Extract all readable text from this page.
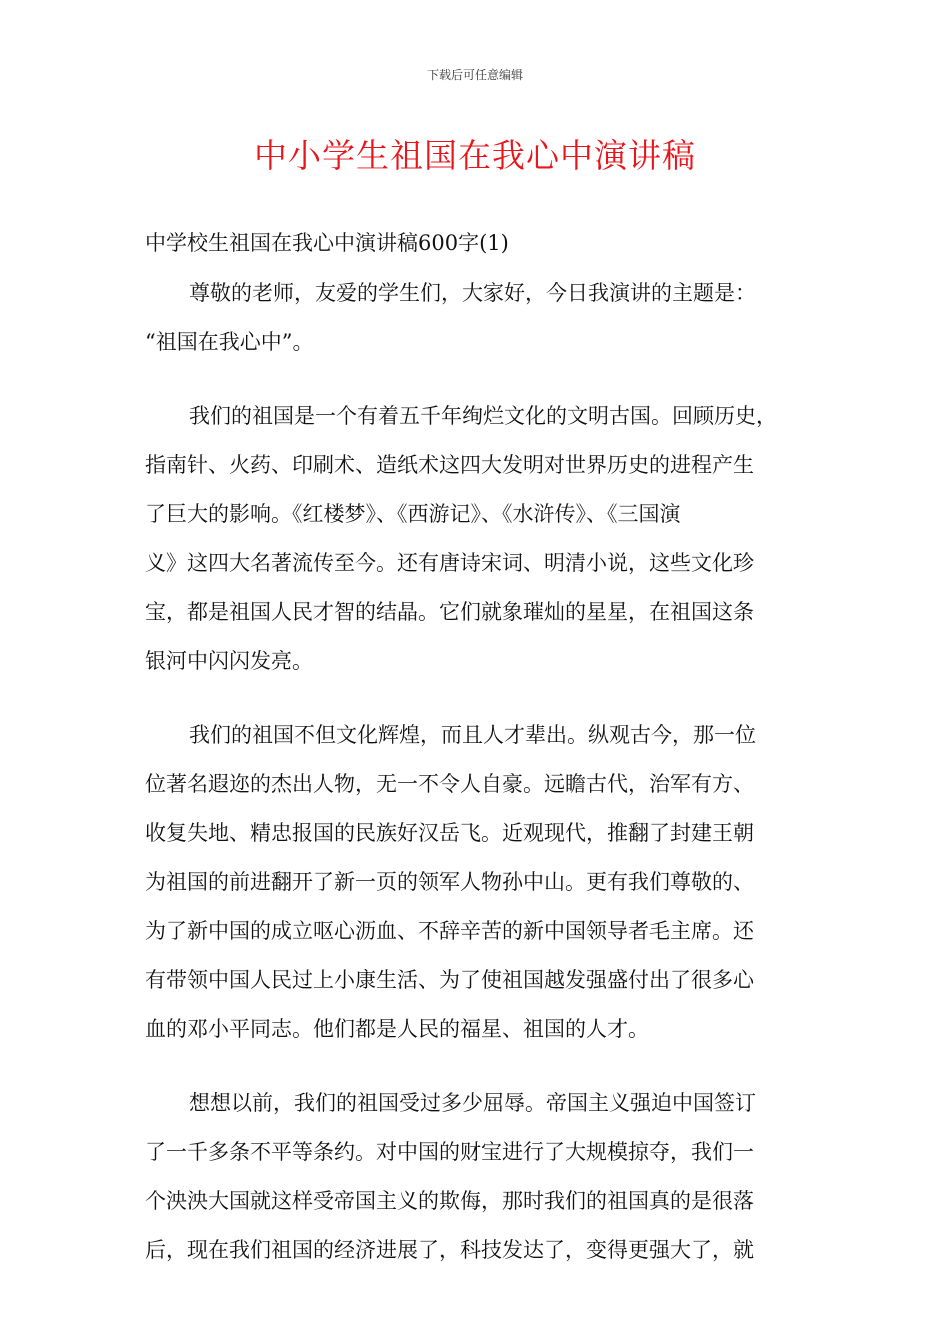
下载后可任意编辑
中小学生祖国在我心中演讲稿
中学校生祖国在我心中演讲稿600字(1)
尊敬的老师，友爱的学生们，大家好，今日我演讲的主题是：
“祖国在我心中”。
我们的祖国是一个有着五千年绚烂文化的文明古国。回顾历史，
指南针、火药、印刷术、造纸术这四大发明对世界历史的进程产生
了巨大的影响。《红楼梦》、《西游记》、《水浒传》、《三国演
义》这四大名著流传至今。还有唐诗宋词、明清小说，这些文化珍
宝，都是祖国人民才智的结晶。它们就象璀灿的星星，在祖国这条
银河中闪闪发亮。
我们的祖国不但文化辉煌，而且人才辈出。纵观古今，那一位
位著名遐迩的杰出人物，无一不令人自豪。远瞻古代，治军有方、
收复失地、精忠报国的民族好汉岳飞。近观现代，推翻了封建王朝
为祖国的前进翻开了新一页的领军人物孙中山。更有我们尊敬的、
为了新中国的成立呕心沥血、不辞辛苦的新中国领导者毛主席。还
有带领中国人民过上小康生活、为了使祖国越发强盛付出了很多心
血的邓小平同志。他们都是人民的福星、祖国的人才。
想想以前，我们的祖国受过多少屈辱。帝国主义强迫中国签订
了一千多条不平等条约。对中国的财宝进行了大规模掠夺，我们一
个泱泱大国就这样受帝国主义的欺侮，那时我们的祖国真的是很落
后，现在我们祖国的经济进展了，科技发达了，变得更强大了，就
